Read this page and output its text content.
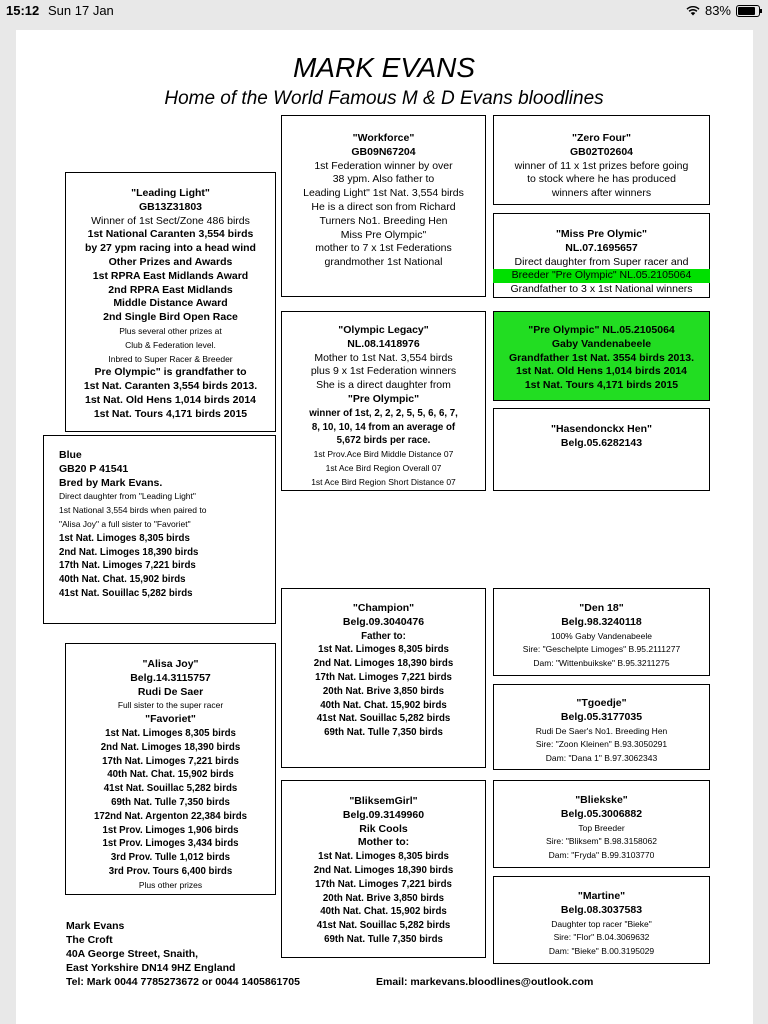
15:12 Sun 17 Jan	83%
MARK EVANS
Home of the World Famous M & D Evans bloodlines
"Workforce"
GB09N67204
1st Federation winner by over
38 ypm. Also father to
Leading Light" 1st Nat. 3,554 birds
He is a direct son from Richard
Turners No1. Breeding Hen
Miss Pre Olympic"
mother to 7 x 1st Federations
grandmother 1st National
"Zero Four"
GB02T02604
winner of 11 x 1st prizes before going
to stock where he has produced
winners after winners
"Leading Light"
GB13Z31803
Winner of 1st Sect/Zone 486 birds
1st National Caranten 3,554 birds
by 27 ypm racing into a head wind
Other Prizes and Awards
1st RPRA East Midlands Award
2nd RPRA East Midlands
Middle Distance Award
2nd Single Bird Open Race
Plus several other prizes at
Club & Federation level.
Inbred to Super Racer & Breeder
Pre Olympic" is grandfather to
1st Nat. Caranten 3,554 birds 2013.
1st Nat. Old Hens 1,014 birds 2014
1st Nat. Tours 4,171 birds 2015
"Miss Pre Olymic"
NL.07.1695657
Direct daughter from Super racer and
Breeder "Pre Olympic" NL.05.2105064
Grandfather to 3 x 1st National winners
"Olympic Legacy"
NL.08.1418976
Mother to 1st Nat. 3,554 birds
plus 9 x 1st Federation winners
She is a direct daughter from
"Pre Olympic"
winner of 1st, 2, 2, 2, 5, 5, 6, 6, 7,
8, 10, 10, 14 from an average of
5,672 birds per race.
1st Prov.Ace Bird Middle Distance 07
1st Ace Bird Region Overall 07
1st Ace Bird Region Short Distance 07
"Pre Olympic" NL.05.2105064
Gaby Vandenabeele
Grandfather 1st Nat. 3554 birds 2013.
1st Nat. Old Hens 1,014 birds 2014
1st Nat. Tours 4,171 birds 2015
"Hasendonckx Hen"
Belg.05.6282143
Blue
GB20 P 41541
Bred by Mark Evans.
Direct daughter from "Leading Light"
1st National 3,554 birds when paired to
"Alisa Joy" a full sister to "Favoriet"
1st Nat. Limoges 8,305 birds
2nd Nat. Limoges 18,390 birds
17th Nat. Limoges 7,221 birds
40th Nat. Chat. 15,902 birds
41st Nat. Souillac 5,282 birds
"Champion"
Belg.09.3040476
Father to:
1st Nat. Limoges 8,305 birds
2nd Nat. Limoges 18,390 birds
17th Nat. Limoges 7,221 birds
20th Nat. Brive 3,850 birds
40th Nat. Chat. 15,902 birds
41st Nat. Souillac 5,282 birds
69th Nat. Tulle 7,350 birds
"Den 18"
Belg.98.3240118
100% Gaby Vandenabeele
Sire: "Geschelpte Limoges" B.95.2111277
Dam: "Wittenbuikske" B.95.3211275
"Alisa Joy"
Belg.14.3115757
Rudi De Saer
Full sister to the super racer
"Favoriet"
1st Nat. Limoges 8,305 birds
2nd Nat. Limoges 18,390 birds
17th Nat. Limoges 7,221 birds
40th Nat. Chat. 15,902 birds
41st Nat. Souillac 5,282 birds
69th Nat. Tulle 7,350 birds
172nd Nat. Argenton 22,384 birds
1st Prov. Limoges 1,906 birds
1st Prov. Limoges 3,434 birds
3rd Prov. Tulle 1,012 birds
3rd Prov. Tours 6,400 birds
Plus other prizes
"Tgoedje"
Belg.05.3177035
Rudi De Saer's No1. Breeding Hen
Sire: "Zoon Kleinen" B.93.3050291
Dam: "Dana 1" B.97.3062343
"BliksemGirl"
Belg.09.3149960
Rik Cools
Mother to:
1st Nat. Limoges 8,305 birds
2nd Nat. Limoges 18,390 birds
17th Nat. Limoges 7,221 birds
20th Nat. Brive 3,850 birds
40th Nat. Chat. 15,902 birds
41st Nat. Souillac 5,282 birds
69th Nat. Tulle 7,350 birds
"Bliekske"
Belg.05.3006882
Top Breeder
Sire: "Bliksem" B.98.3158062
Dam: "Fryda" B.99.3103770
"Martine"
Belg.08.3037583
Daughter top racer "Bieke"
Sire: "Flor" B.04.3069632
Dam: "Bieke" B.00.3195029
Mark Evans
The Croft
40A George Street, Snaith,
East Yorkshire DN14 9HZ England
Tel: Mark 0044 7785273672 or 0044 1405861705	Email: markevans.bloodlines@outlook.com
